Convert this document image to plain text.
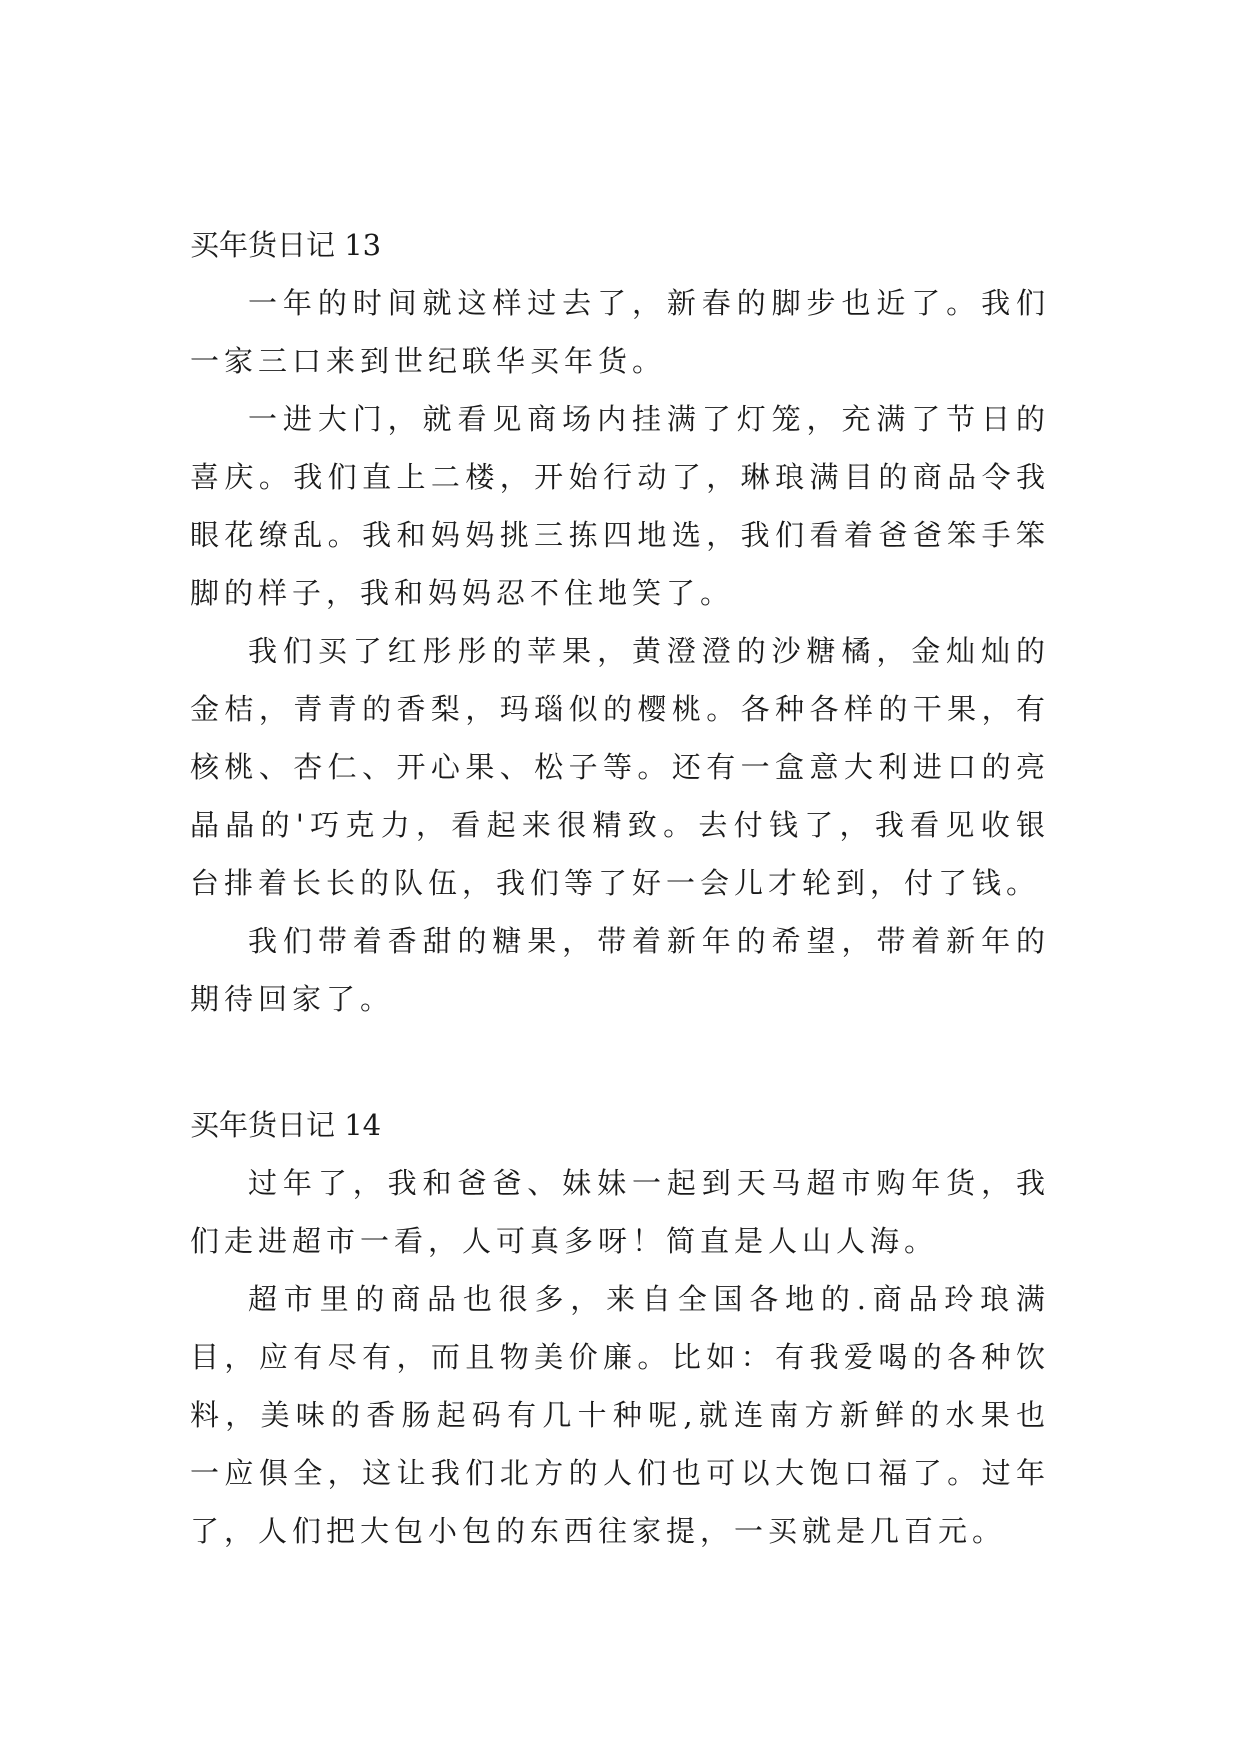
买年货日记 13

一年的时间就这样过去了，新春的脚步也近了。我们一家三口来到世纪联华买年货。

一进大门，就看见商场内挂满了灯笼，充满了节日的喜庆。我们直上二楼，开始行动了，琳琅满目的商品令我眼花缭乱。我和妈妈挑三拣四地选，我们看着爸爸笨手笨脚的样子，我和妈妈忍不住地笑了。

我们买了红彤彤的苹果，黄澄澄的沙糖橘，金灿灿的金桔，青青的香梨，玛瑙似的樱桃。各种各样的干果，有核桃、杏仁、开心果、松子等。还有一盒意大利进口的亮晶晶的'巧克力，看起来很精致。去付钱了，我看见收银台排着长长的队伍，我们等了好一会儿才轮到，付了钱。

我们带着香甜的糖果，带着新年的希望，带着新年的期待回家了。

买年货日记 14

过年了，我和爸爸、妹妹一起到天马超市购年货，我们走进超市一看，人可真多呀！简直是人山人海。

超市里的商品也很多，来自全国各地的.商品玲琅满目，应有尽有，而且物美价廉。比如：有我爱喝的各种饮料，美味的香肠起码有几十种呢,就连南方新鲜的水果也一应俱全，这让我们北方的人们也可以大饱口福了。过年了，人们把大包小包的东西往家提，一买就是几百元。
